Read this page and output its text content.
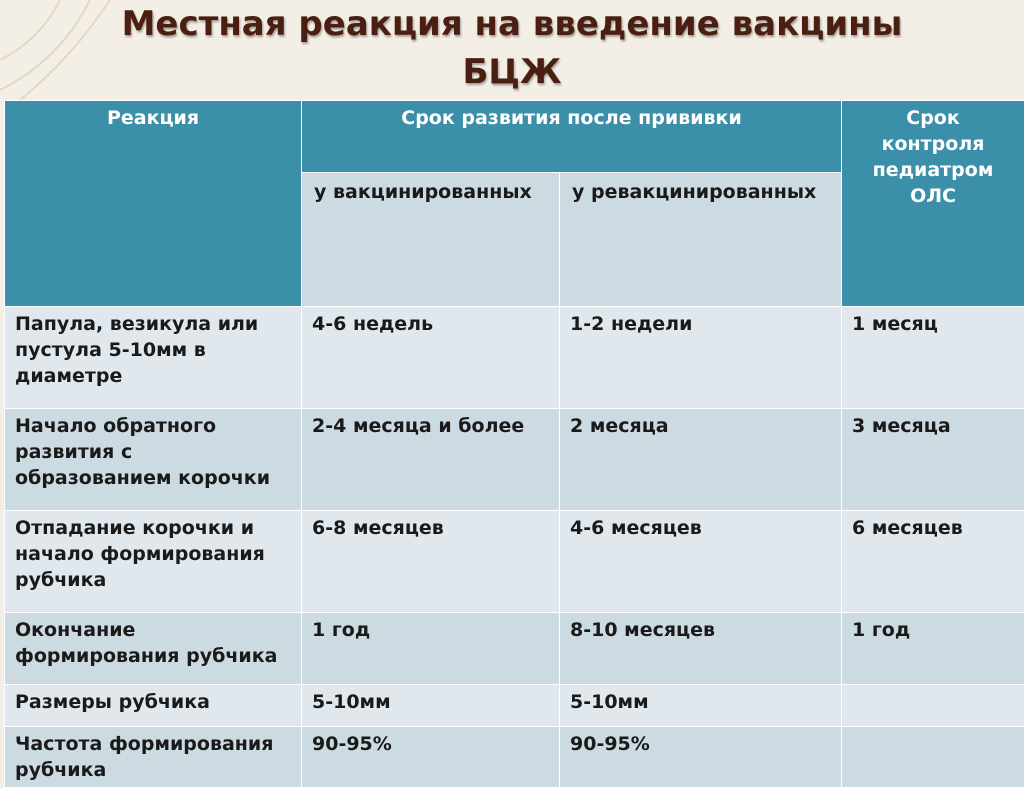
Местная реакция на введение вакцины
БЦЖ
Реакция	Срок развития после прививки		Срок контроля педиатром ОЛС
	у вакцинированных	у ревакцинированных	
Папула, везикула или пустула 5-10мм в диаметре	4-6 недель	1-2 недели	1 месяц
Начало обратного развития с образованием корочки	2-4 месяца и более	2 месяца	3 месяца
Отпадание корочки и начало формирования рубчика	6-8 месяцев	4-6 месяцев	6 месяцев
Окончание формирования рубчика	1 год	8-10 месяцев	1 год
Размеры рубчика	5-10мм	5-10мм	
Частота формирования рубчика	90-95%	90-95%	
